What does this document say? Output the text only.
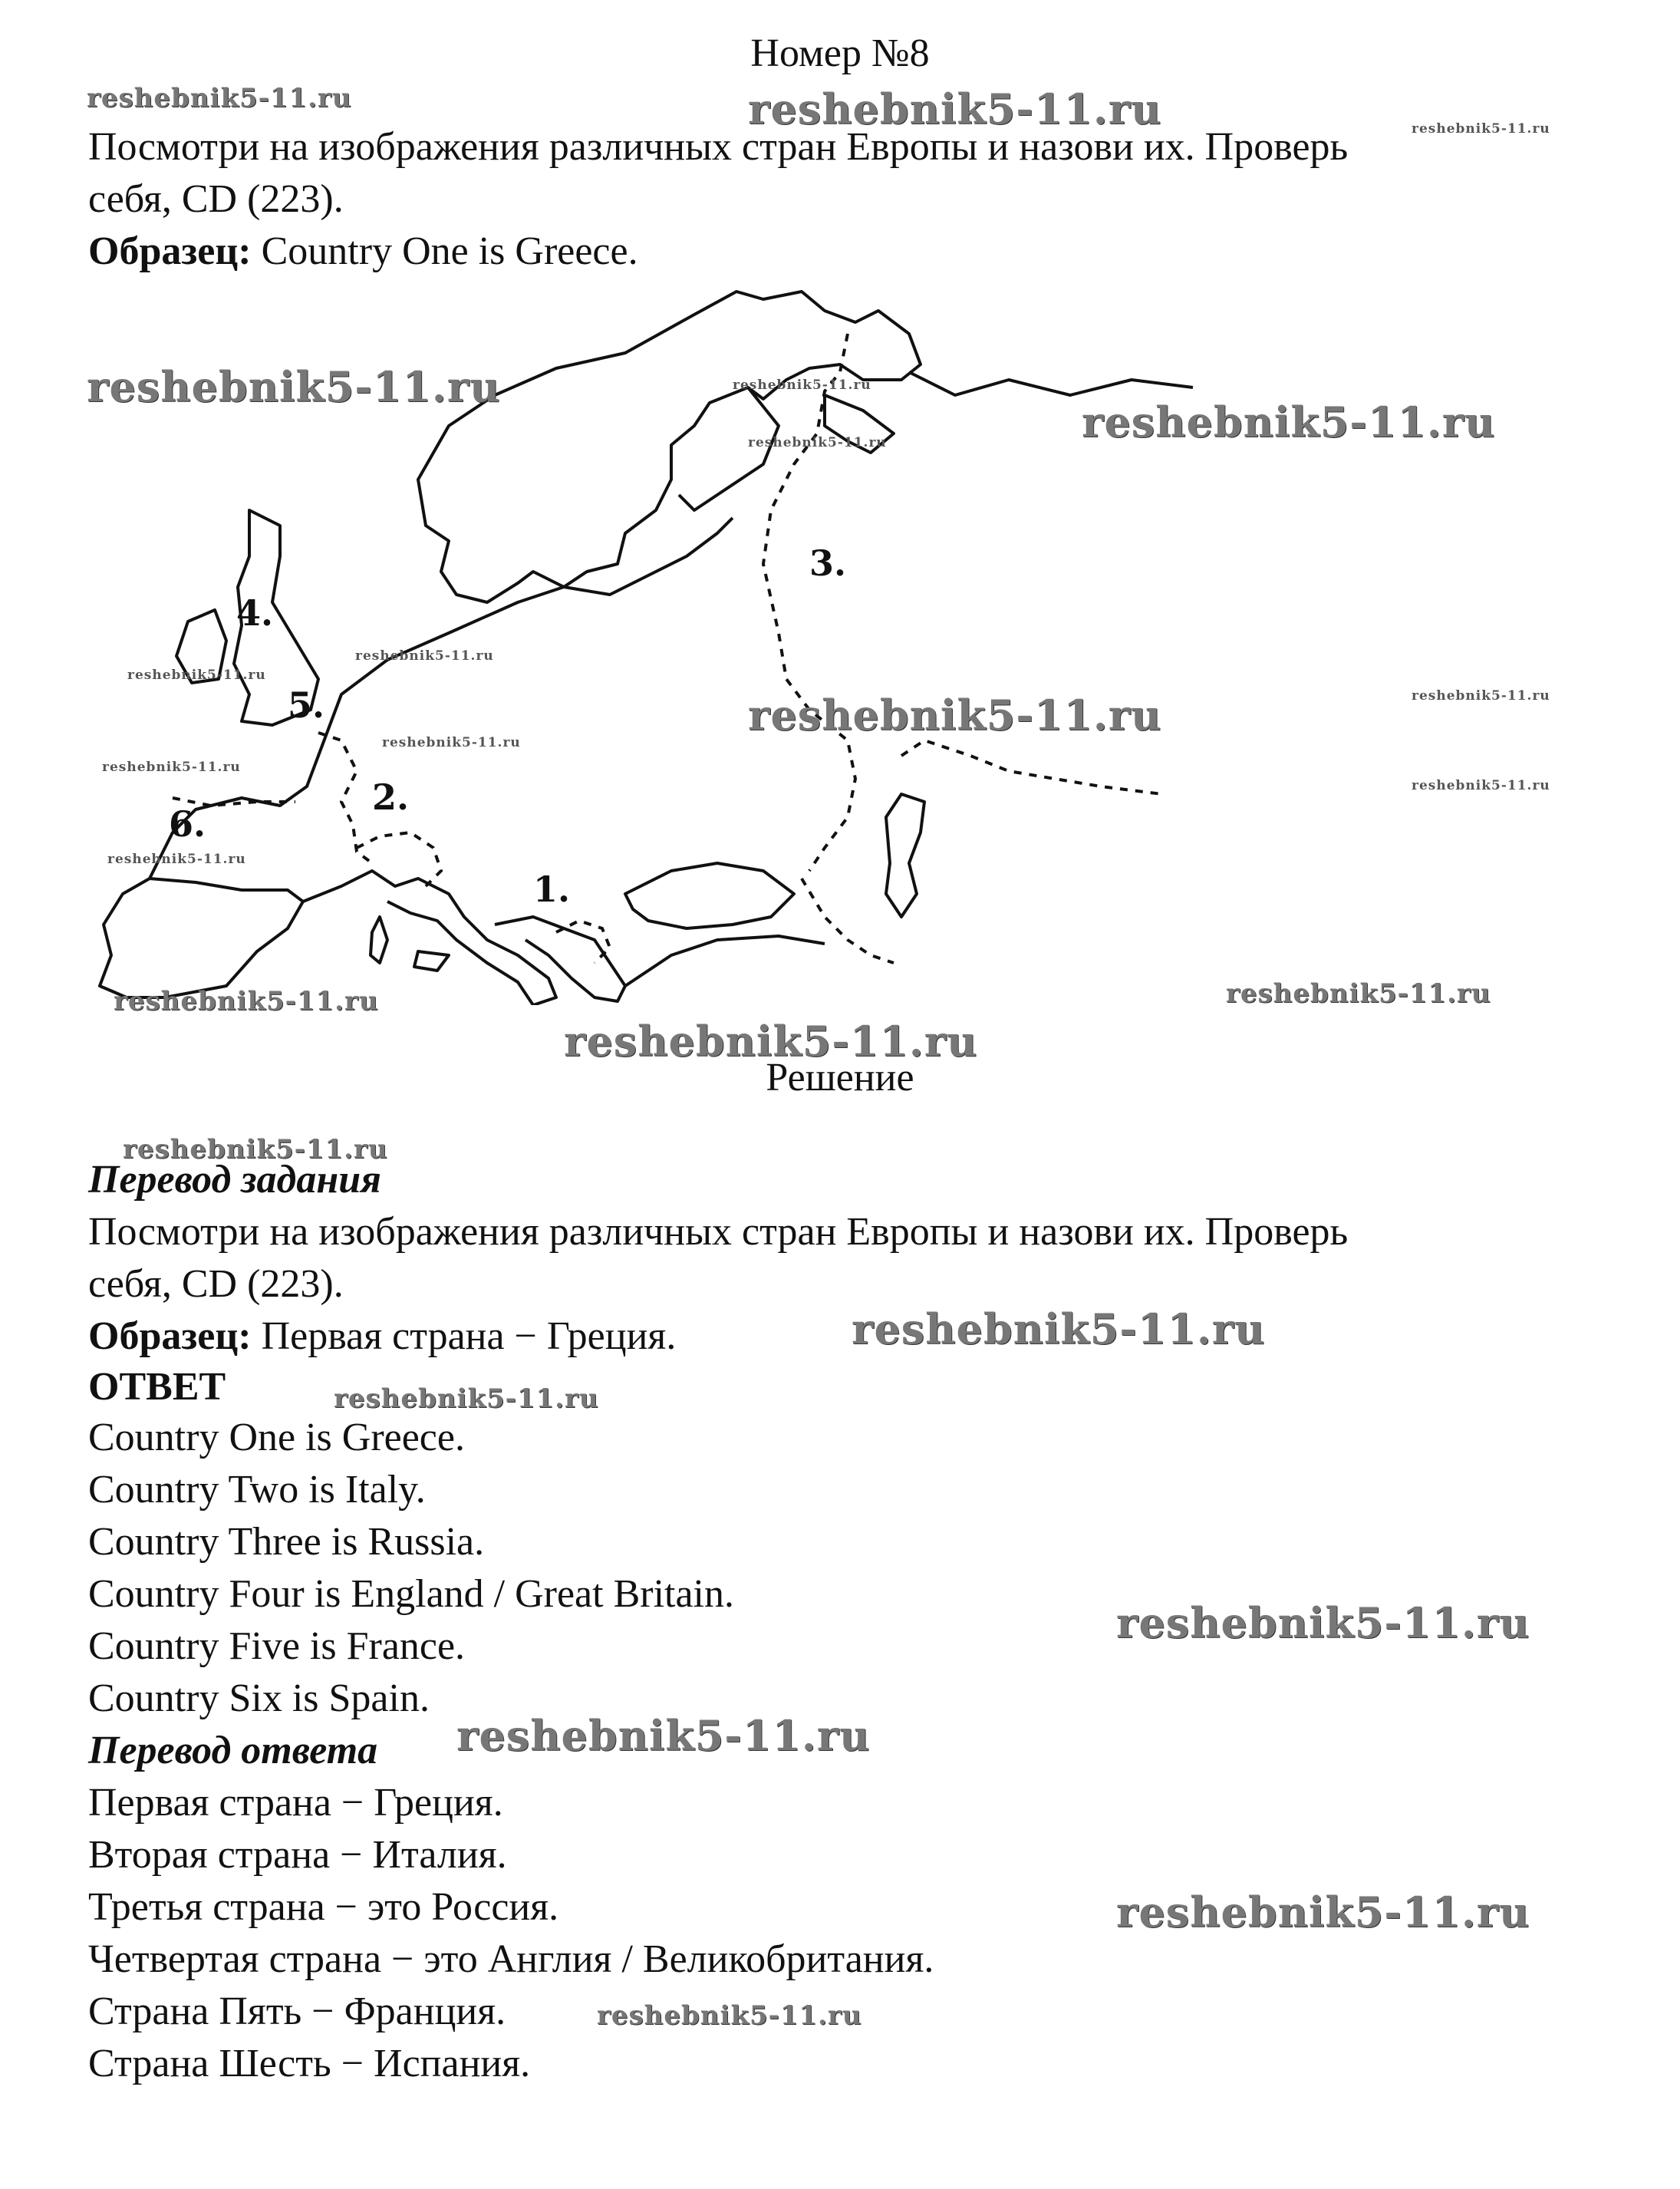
Номер №8
Посмотри на изображения различных стран Европы и назови их. Проверь
себя, CD (223).
Образец: Country One is Greece.
1.
2.
3.
4.
5.
6.
Решение
Перевод задания
Посмотри на изображения различных стран Европы и назови их. Проверь
себя, CD (223).
Образец: Первая страна − Греция.
ОТВЕТ
Country One is Greece.
Country Two is Italy.
Country Three is Russia.
Country Four is England / Great Britain.
Country Five is France.
Country Six is Spain.
Перевод ответа
Первая страна − Греция.
Вторая страна − Италия.
Третья страна − это Россия.
Четвертая страна − это Англия / Великобритания.
Страна Пять − Франция.
Страна Шесть − Испания.
reshebnik5-11.ru	reshebnik5-11.ru	reshebnik5-11.ru
reshebnik5-11.ru	reshebnik5-11.ru
reshebnik5-11.ru	reshebnik5-11.ru
reshebnik5-11.ru
reshebnik5-11.ru
reshebnik5-11.ru	reshebnik5-11.ru
reshebnik5-11.ru
reshebnik5-11.ru
reshebnik5-11.ru
reshebnik5-11.ru
reshebnik5-11.ru	reshebnik5-11.ru
reshebnik5-11.ru
reshebnik5-11.ru
reshebnik5-11.ru
reshebnik5-11.ru
reshebnik5-11.ru
reshebnik5-11.ru
reshebnik5-11.ru
reshebnik5-11.ru
